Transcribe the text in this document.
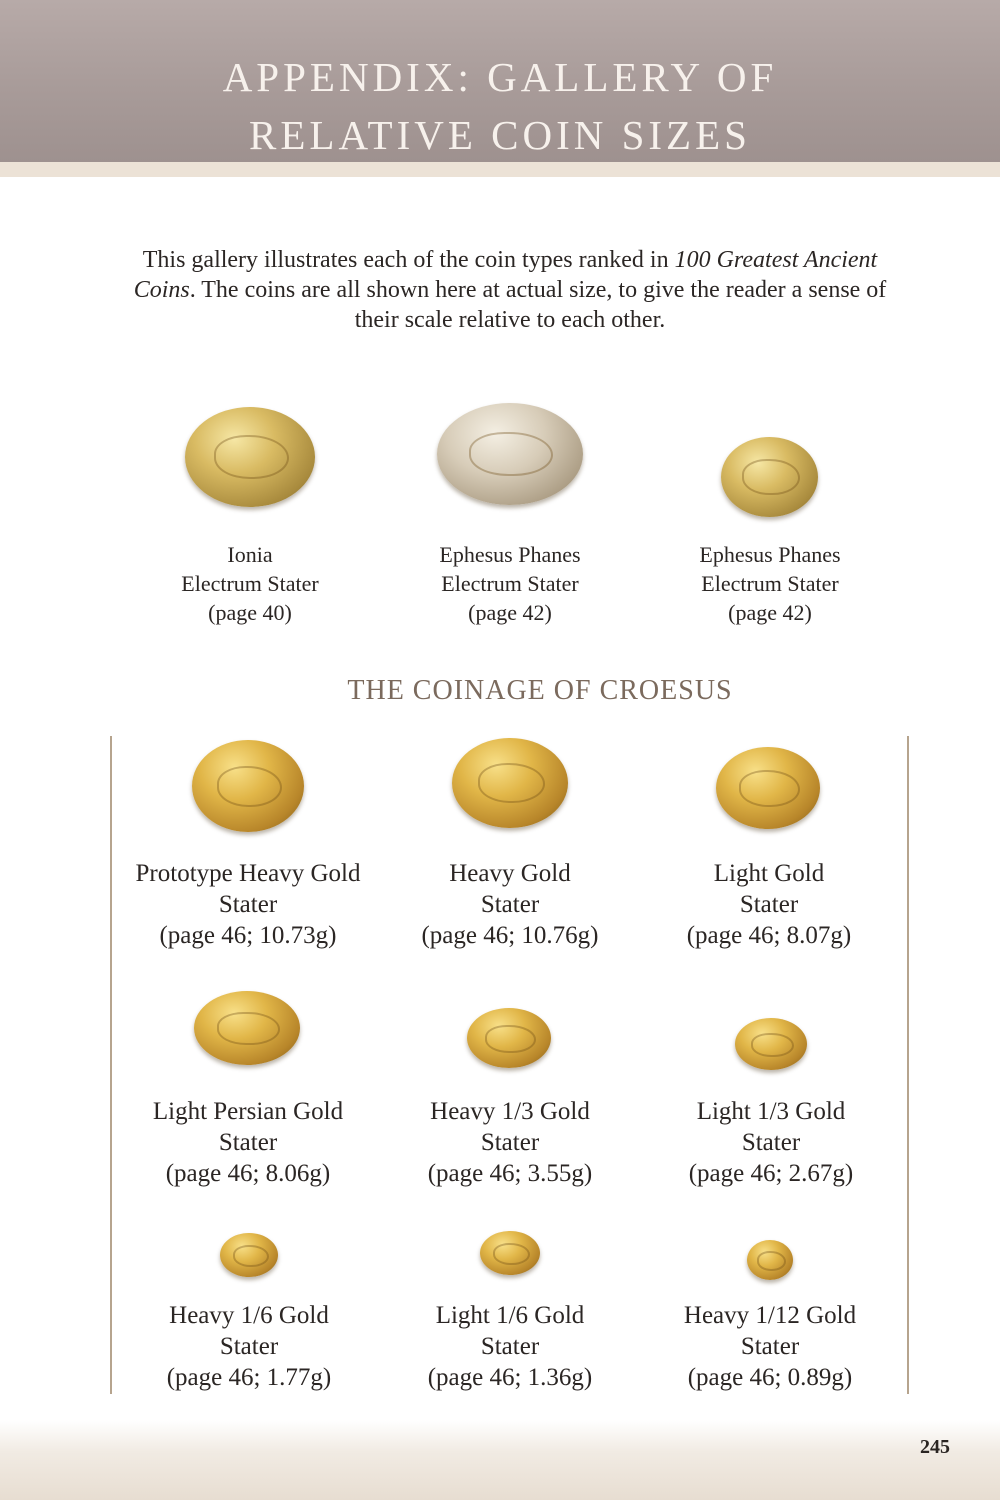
APPENDIX: GALLERY OF
RELATIVE COIN SIZES
This gallery illustrates each of the coin types ranked in 100 Greatest Ancient Coins. The coins are all shown here at actual size, to give the reader a sense of their scale relative to each other.
Ionia
Electrum Stater
(page 40)
Ephesus Phanes
Electrum Stater
(page 42)
Ephesus Phanes
Electrum Stater
(page 42)
THE COINAGE OF CROESUS
Prototype Heavy Gold
Stater
(page 46; 10.73g)
Heavy Gold
Stater
(page 46; 10.76g)
Light Gold
Stater
(page 46; 8.07g)
Light Persian Gold
Stater
(page 46; 8.06g)
Heavy 1/3 Gold
Stater
(page 46; 3.55g)
Light 1/3 Gold
Stater
(page 46; 2.67g)
Heavy 1/6 Gold
Stater
(page 46; 1.77g)
Light 1/6 Gold
Stater
(page 46; 1.36g)
Heavy 1/12 Gold
Stater
(page 46; 0.89g)
245
